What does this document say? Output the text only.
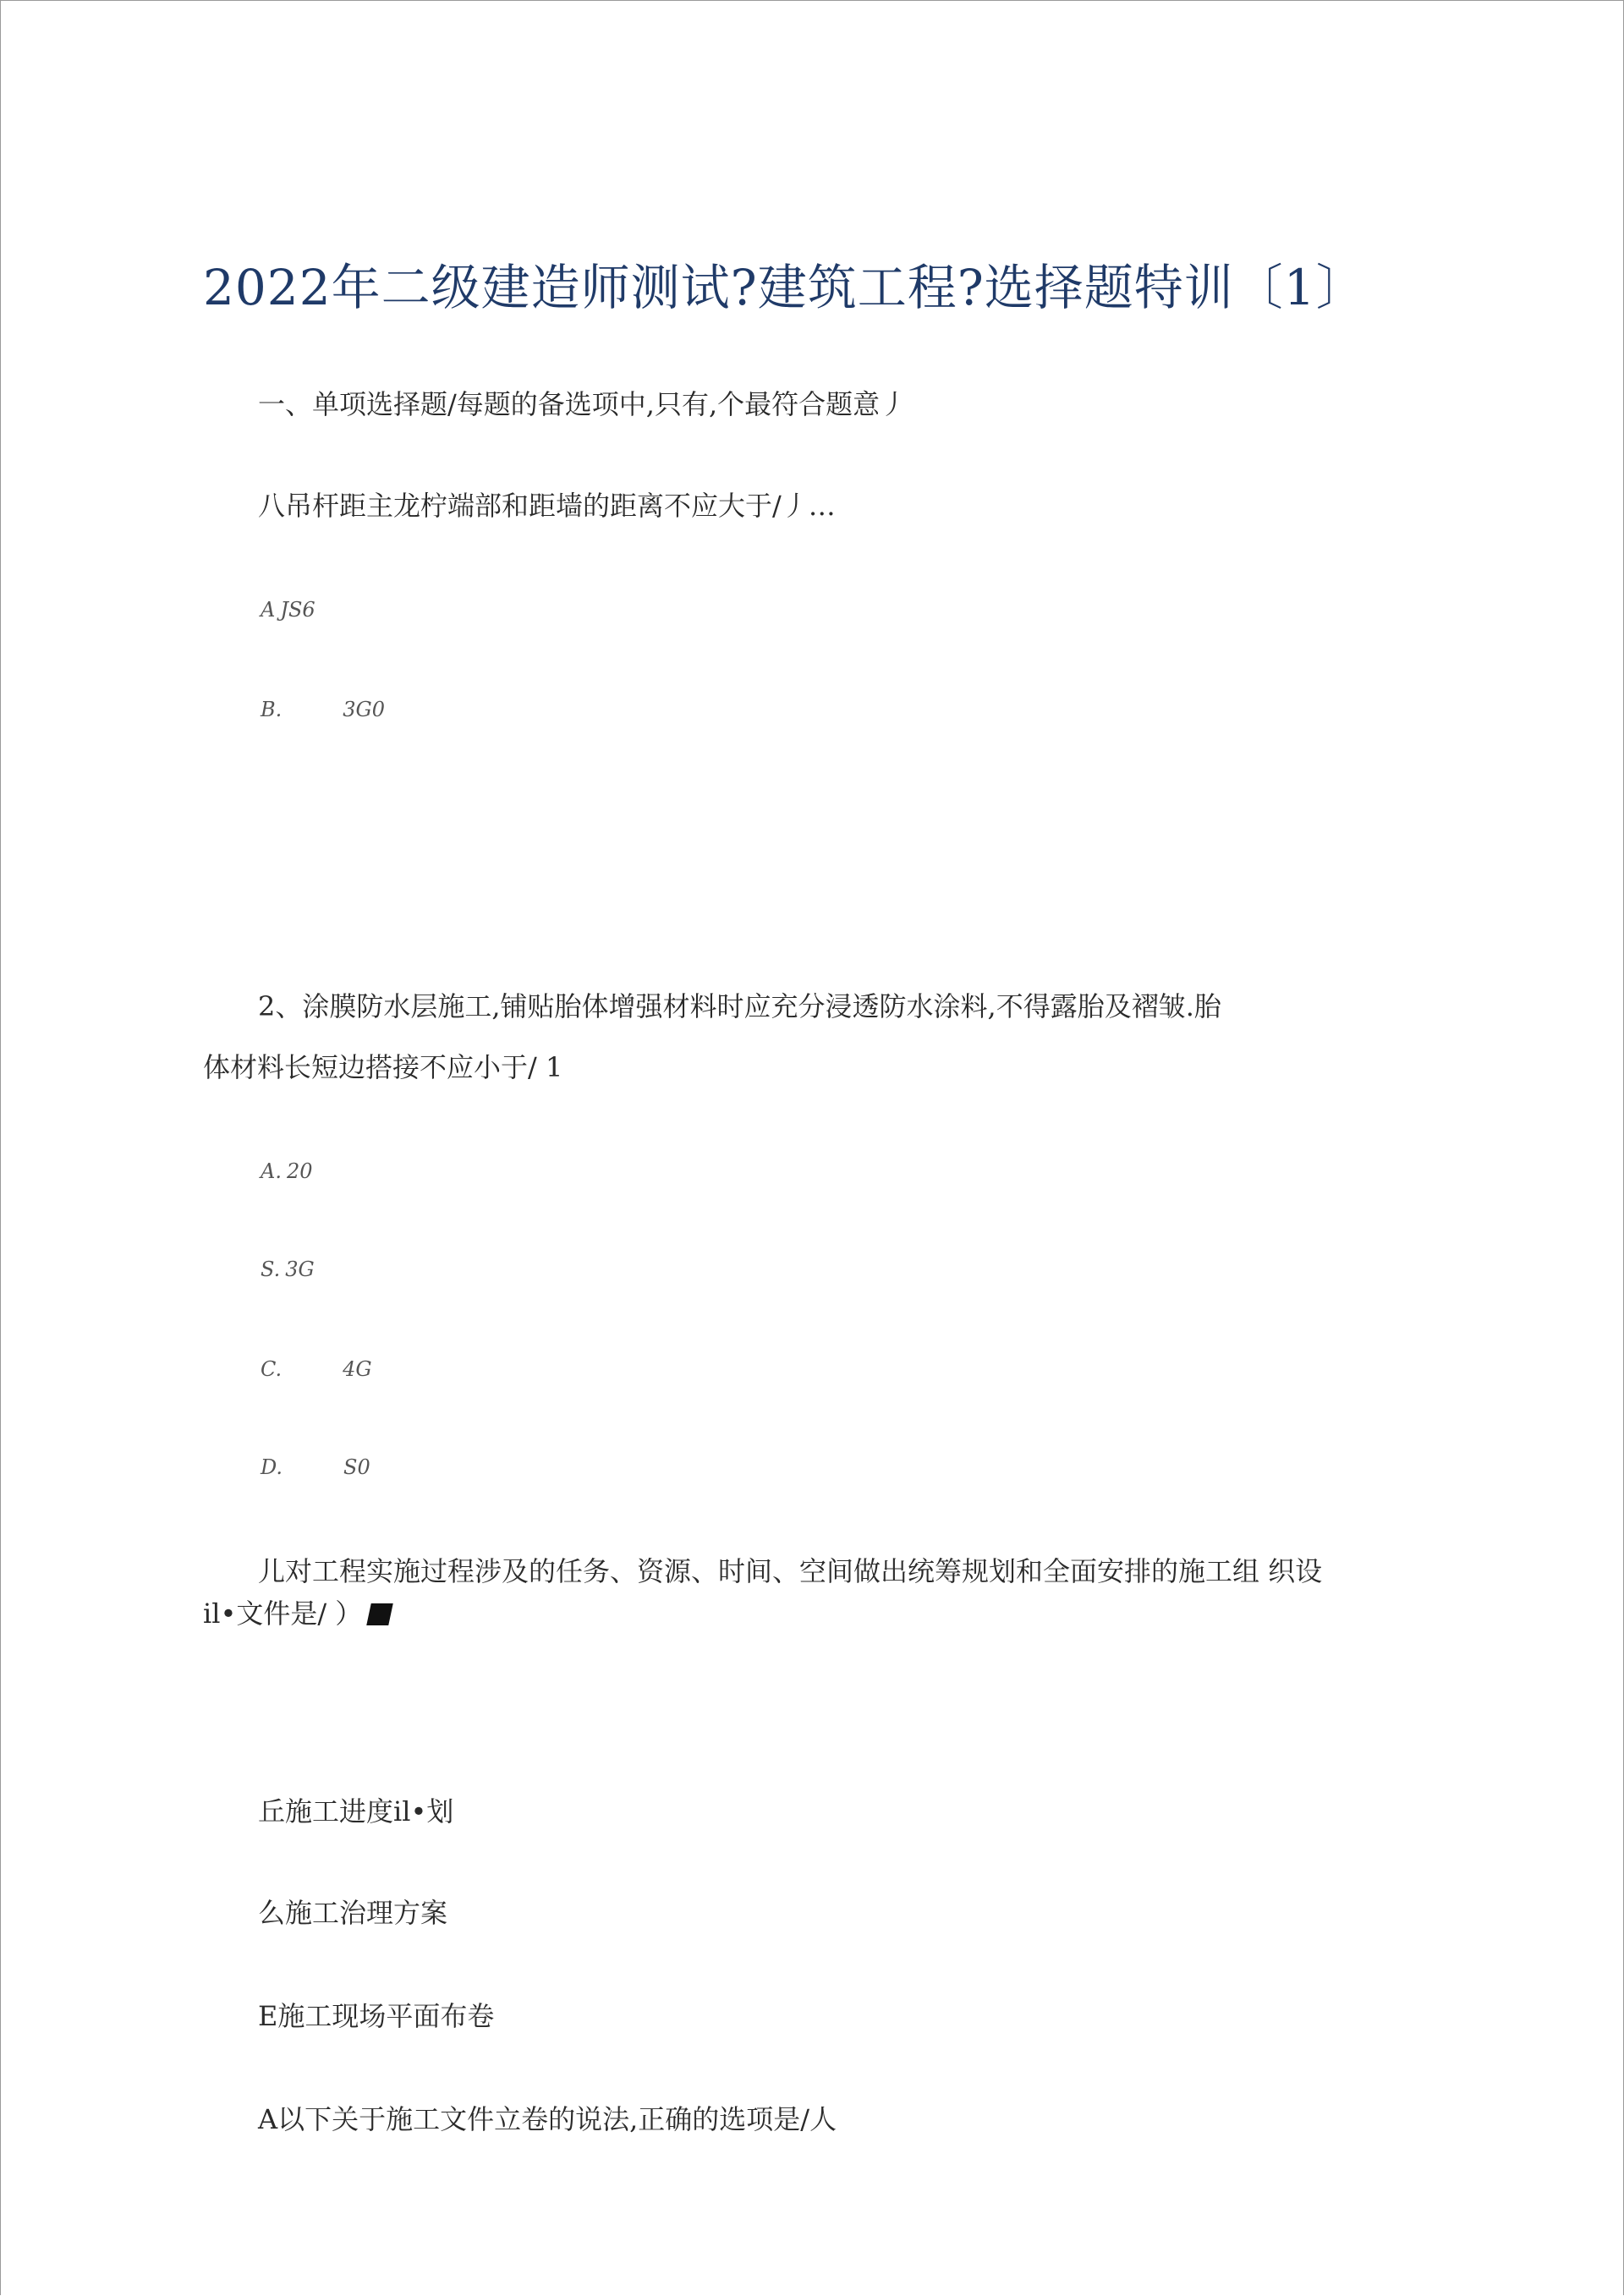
2022年二级建造师测试?建筑工程?选择题特训〔1〕
一、单项选择题/每题的备选项中,只有,个最符合题意丿
八吊杆距主龙柠端部和距墙的距离不应大于/丿…
A JS6
B.	3G0
2、涂膜防水层施工,铺贴胎体增强材料时应充分浸透防水涂料,不得露胎及褶皱.胎
体材料长短边搭接不应小于/ 1
A. 20
S. 3G
C.	4G
D.	S0
儿对工程实施过程涉及的任务、资源、时间、空间做出统筹规划和全面安排的施工组 织设
il•文件是/ ）
丘施工进度il•划
么施工治理方案
E施工现场平面布卷
A以下关于施工文件立卷的说法,正确的选项是/人
